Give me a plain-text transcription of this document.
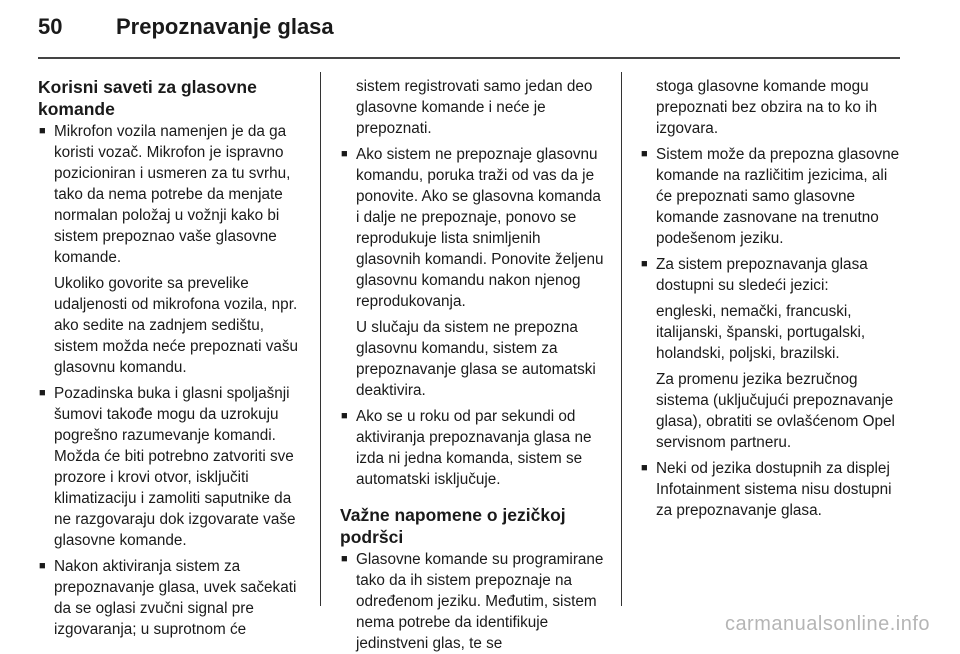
50	Prepoznavanje glasa
Korisni saveti za glasovne komande
■ Mikrofon vozila namenjen je da ga koristi vozač. Mikrofon je ispravno pozicioniran i usmeren za tu svrhu, tako da nema potrebe da menjate normalan položaj u vožnji kako bi sistem prepoznao vaše glasovne komande.

Ukoliko govorite sa prevelike udaljenosti od mikrofona vozila, npr. ako sedite na zadnjem sedištu, sistem možda neće prepoznati vašu glasovnu komandu.

■ Pozadinska buka i glasni spoljašnji šumovi takođe mogu da uzrokuju pogrešno razumevanje komandi. Možda će biti potrebno zatvoriti sve prozore i krovi otvor, isključiti klimatizaciju i zamoliti saputnike da ne razgovaraju dok izgovarate vaše glasovne komande.

■ Nakon aktiviranja sistem za prepoznavanje glasa, uvek sačekati da se oglasi zvučni signal pre izgovaranja; u suprotnom će

sistem registrovati samo jedan deo glasovne komande i neće je prepoznati.

■ Ako sistem ne prepoznaje glasovnu komandu, poruka traži od vas da je ponovite. Ako se glasovna komanda i dalje ne prepoznaje, ponovo se reprodukuje lista snimljenih glasovnih komandi. Ponovite željenu glasovnu komandu nakon njenog reprodukovanja.

U slučaju da sistem ne prepozna glasovnu komandu, sistem za prepoznavanje glasa se automatski deaktivira.

■ Ako se u roku od par sekundi od aktiviranja prepoznavanja glasa ne izda ni jedna komanda, sistem se automatski isključuje.

Važne napomene o jezičkoj podršci
■ Glasovne komande su programirane tako da ih sistem prepoznaje na određenom jeziku. Međutim, sistem nema potrebe da identifikuje jedinstveni glas, te se

stoga glasovne komande mogu prepoznati bez obzira na to ko ih izgovara.

■ Sistem može da prepozna glasovne komande na različitim jezicima, ali će prepoznati samo glasovne komande zasnovane na trenutno podešenom jeziku.

■ Za sistem prepoznavanja glasa dostupni su sledeći jezici:

engleski, nemački, francuski, italijanski, španski, portugalski, holandski, poljski, brazilski.

Za promenu jezika bezručnog sistema (uključujući prepoznavanje glasa), obratiti se ovlašćenom Opel servisnom partneru.

■ Neki od jezika dostupnih za displej Infotainment sistema nisu dostupni za prepoznavanje glasa.

carmanualsonline.info
